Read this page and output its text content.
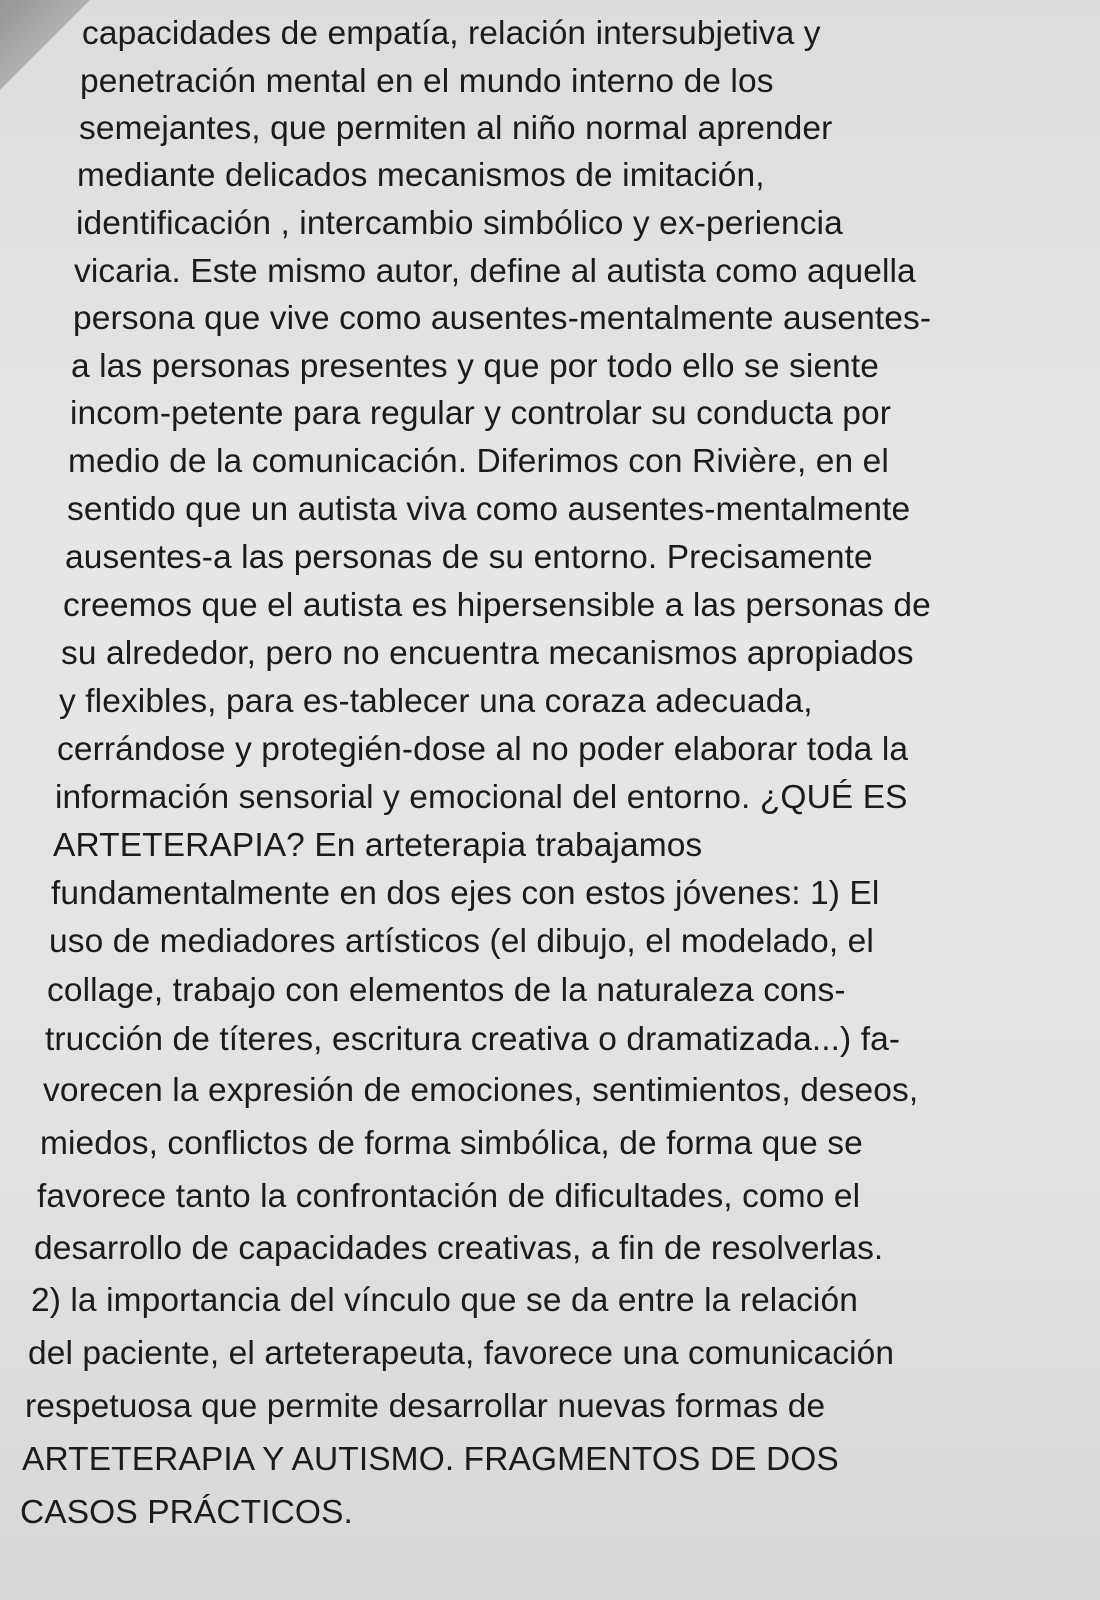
capacidades de empatía, relación intersubjetiva y
penetración mental en el mundo interno de los
semejantes, que permiten al niño normal aprender
mediante delicados mecanismos de imitación,
identificación , intercambio simbólico y ex-periencia
vicaria. Este mismo autor, define al autista como aquella
persona que vive como ausentes-mentalmente ausentes-
a las personas presentes y que por todo ello se siente
incom-petente para regular y controlar su conducta por
medio de la comunicación. Diferimos con Rivière, en el
sentido que un autista viva como ausentes-mentalmente
ausentes-a las personas de su entorno. Precisamente
creemos que el autista es hipersensible a las personas de
su alrededor, pero no encuentra mecanismos apropiados
y flexibles, para es-tablecer una coraza adecuada,
cerrándose y protegién-dose al no poder elaborar toda la
información sensorial y emocional del entorno. ¿QUÉ ES
ARTETERAPIA? En arteterapia trabajamos
fundamentalmente en dos ejes con estos jóvenes: 1) El
uso de mediadores artísticos (el dibujo, el modelado, el
collage, trabajo con elementos de la naturaleza cons-
trucción de títeres, escritura creativa o dramatizada...) fa-
vorecen la expresión de emociones, sentimientos, deseos,
miedos, conflictos de forma simbólica, de forma que se
favorece tanto la confrontación de dificultades, como el
desarrollo de capacidades creativas, a fin de resolverlas.
2) la importancia del vínculo que se da entre la relación
del paciente, el arteterapeuta, favorece una comunicación
respetuosa que permite desarrollar nuevas formas de
ARTETERAPIA Y AUTISMO. FRAGMENTOS DE DOS
CASOS PRÁCTICOS.
